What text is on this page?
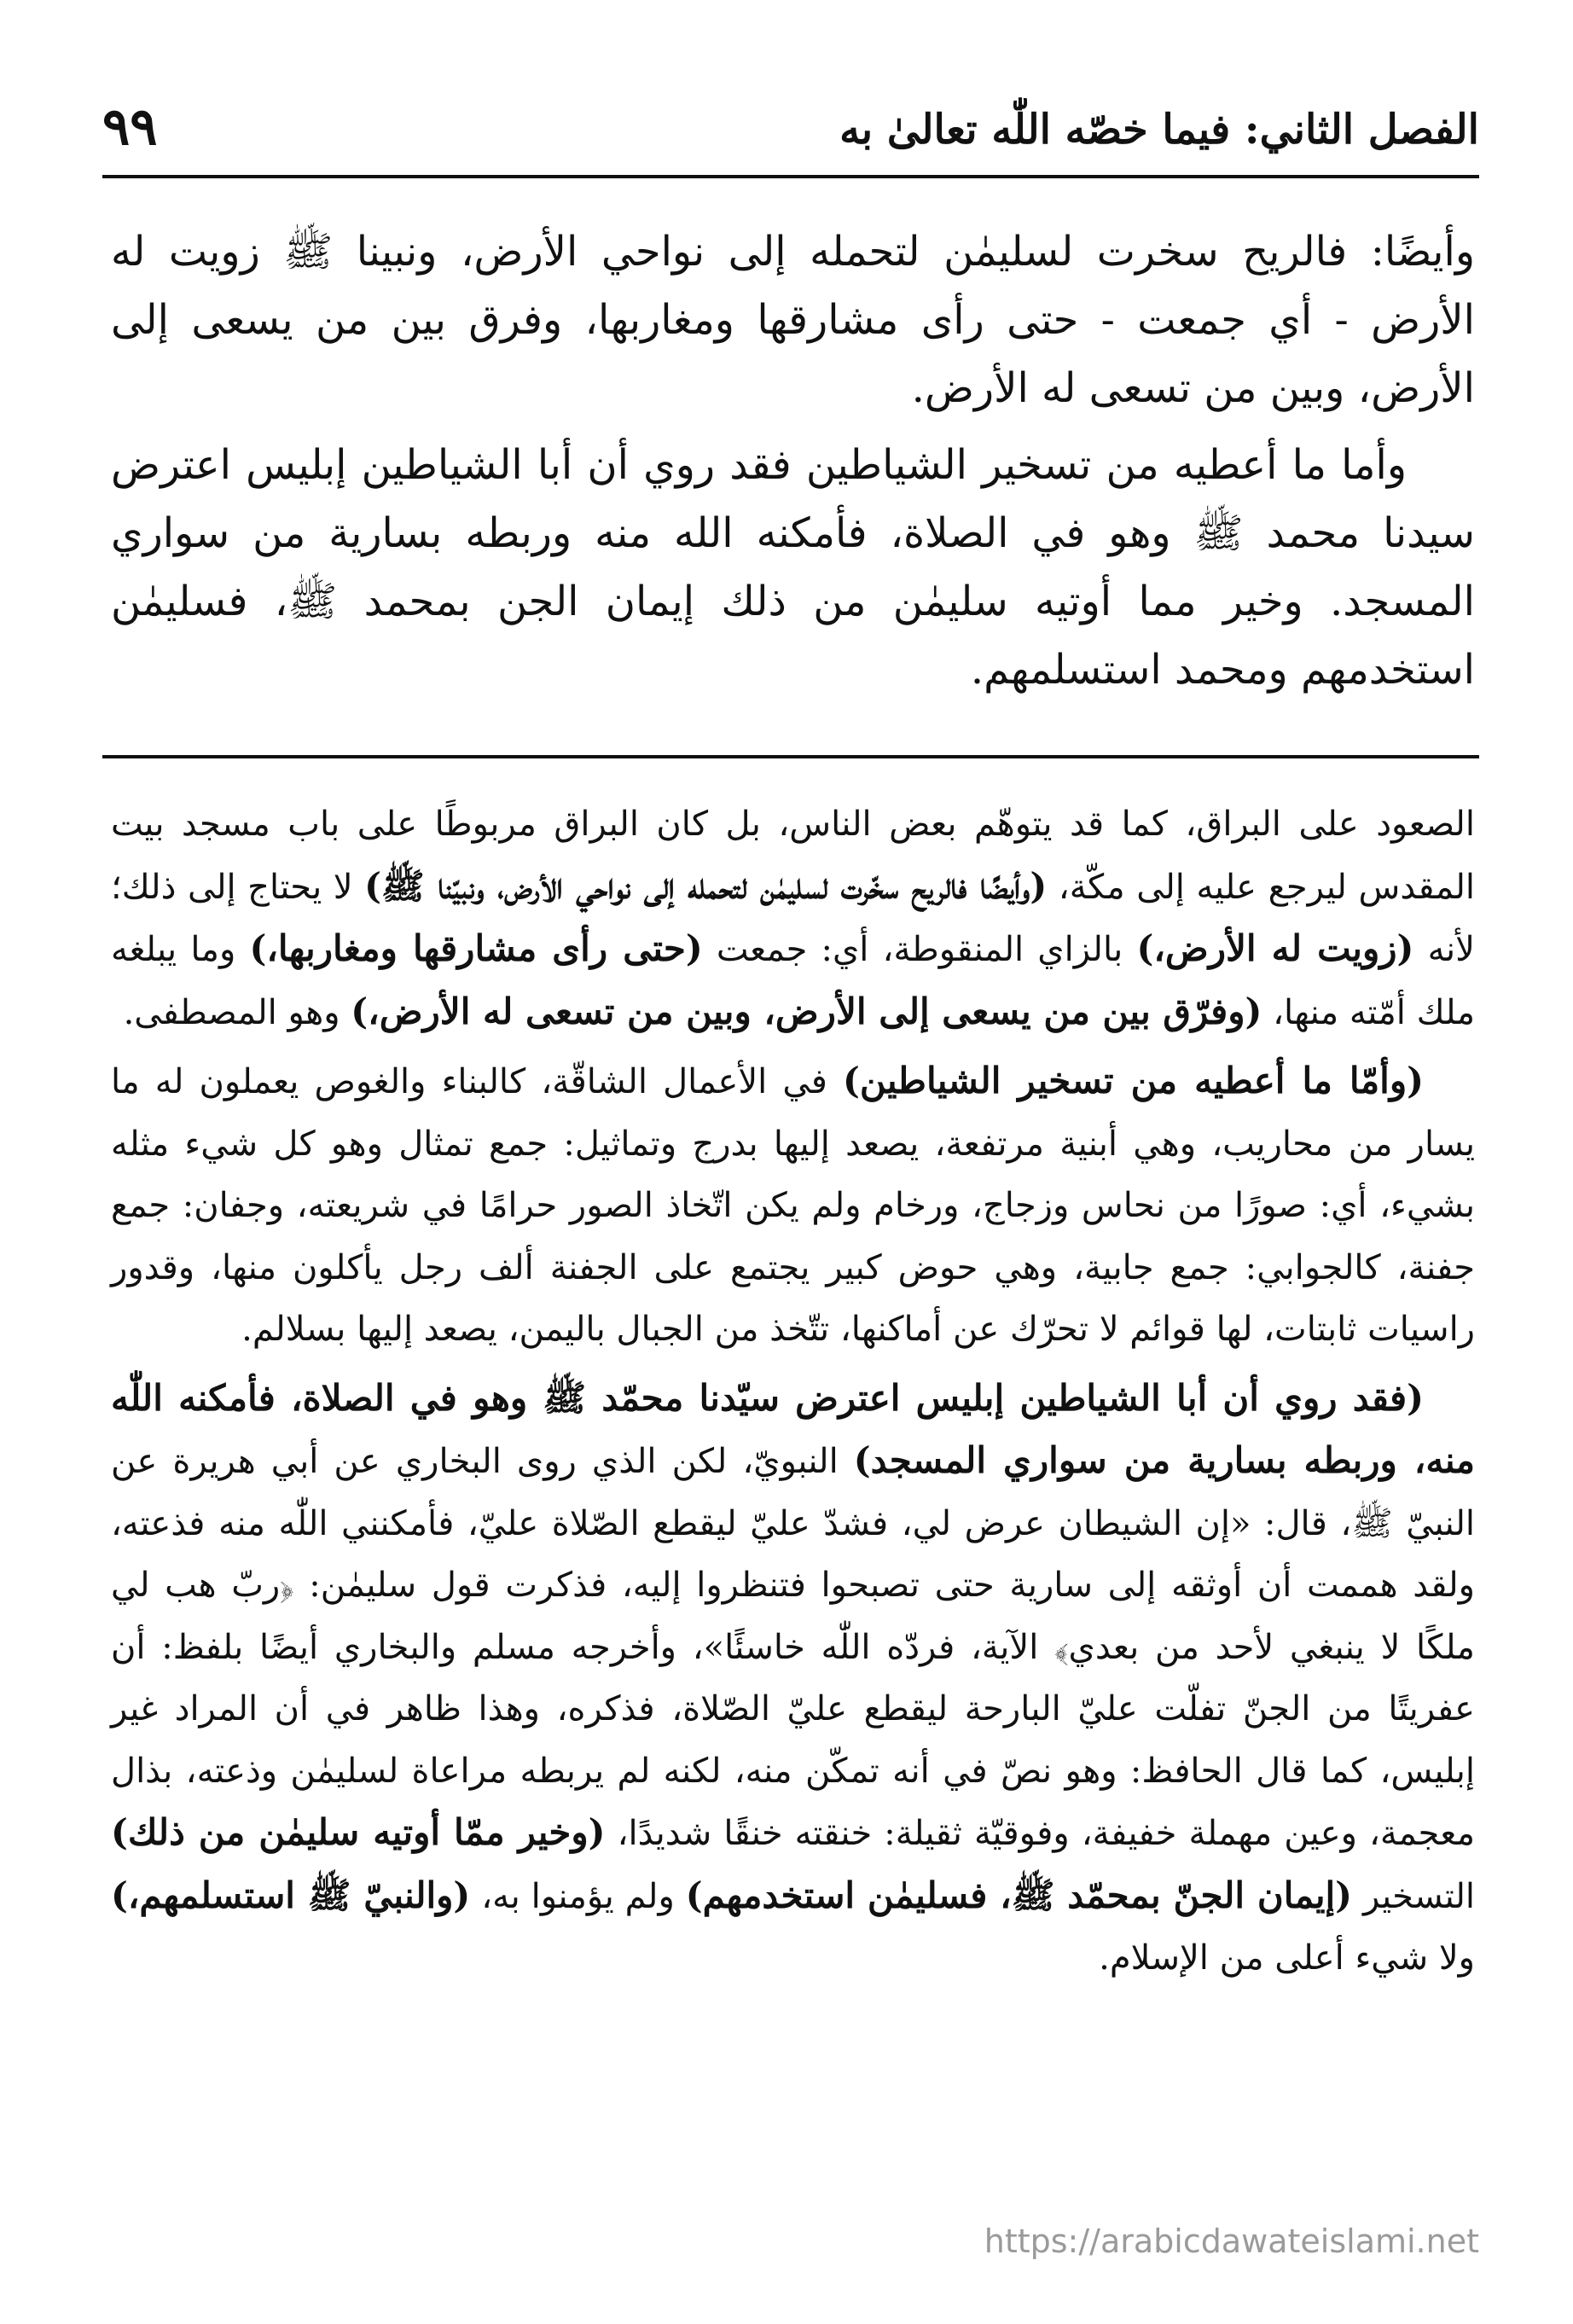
الفصل الثاني: فيما خصّه اللّٰه تعالىٰ به
٩٩

وأيضًا: فالريح سخرت لسليمٰن لتحمله إلى نواحي الأرض، ونبينا ﷺ زويت له الأرض - أي جمعت - حتى رأى مشارقها ومغاربها، وفرق بين من يسعى إلى الأرض، وبين من تسعى له الأرض.

وأما ما أعطيه من تسخير الشياطين فقد روي أن أبا الشياطين إبليس اعترض سيدنا محمد ﷺ وهو في الصلاة، فأمكنه الله منه وربطه بسارية من سواري المسجد. وخير مما أوتيه سليمٰن من ذلك إيمان الجن بمحمد ﷺ، فسليمٰن استخدمهم ومحمد استسلمهم.

الصعود على البراق، كما قد يتوهّم بعض الناس، بل كان البراق مربوطًا على باب مسجد بيت المقدس ليرجع عليه إلى مكّة، (وأيضًا فالريح سخّرت لسليمٰن لتحمله إلى نواحي الأرض، ونبيّنا ﷺ) لا يحتاج إلى ذلك؛ لأنه (زويت له الأرض،) بالزاي المنقوطة، أي: جمعت (حتى رأى مشارقها ومغاربها،) وما يبلغه ملك أمّته منها، (وفرّق بين من يسعى إلى الأرض، وبين من تسعى له الأرض،) وهو المصطفى.

(وأمّا ما أعطيه من تسخير الشياطين) في الأعمال الشاقّة، كالبناء والغوص يعملون له ما يسار من محاريب، وهي أبنية مرتفعة، يصعد إليها بدرج وتماثيل: جمع تمثال وهو كل شيء مثله بشيء، أي: صورًا من نحاس وزجاج، ورخام ولم يكن اتّخاذ الصور حرامًا في شريعته، وجفان: جمع جفنة، كالجوابي: جمع جابية، وهي حوض كبير يجتمع على الجفنة ألف رجل يأكلون منها، وقدور راسيات ثابتات، لها قوائم لا تحرّك عن أماكنها، تتّخذ من الجبال باليمن، يصعد إليها بسلالم.

(فقد روي أن أبا الشياطين إبليس اعترض سيّدنا محمّد ﷺ وهو في الصلاة، فأمكنه اللّٰه منه، وربطه بسارية من سواري المسجد) النبويّ، لكن الذي روى البخاري عن أبي هريرة عن النبيّ ﷺ، قال: «إن الشيطان عرض لي، فشدّ عليّ ليقطع الصّلاة عليّ، فأمكنني اللّٰه منه فذعته، ولقد هممت أن أوثقه إلى سارية حتى تصبحوا فتنظروا إليه، فذكرت قول سليمٰن: ﴿ربّ هب لي ملكًا لا ينبغي لأحد من بعدي﴾ الآية، فردّه اللّٰه خاسئًا»، وأخرجه مسلم والبخاري أيضًا بلفظ: أن عفريتًا من الجنّ تفلّت عليّ البارحة ليقطع عليّ الصّلاة، فذكره، وهذا ظاهر في أن المراد غير إبليس، كما قال الحافظ: وهو نصّ في أنه تمكّن منه، لكنه لم يربطه مراعاة لسليمٰن وذعته، بذال معجمة، وعين مهملة خفيفة، وفوقيّة ثقيلة: خنقته خنقًا شديدًا، (وخير ممّا أوتيه سليمٰن من ذلك) التسخير (إيمان الجنّ بمحمّد ﷺ، فسليمٰن استخدمهم) ولم يؤمنوا به، (والنبيّ ﷺ استسلمهم،) ولا شيء أعلى من الإسلام.

https://arabicdawateislami.net
